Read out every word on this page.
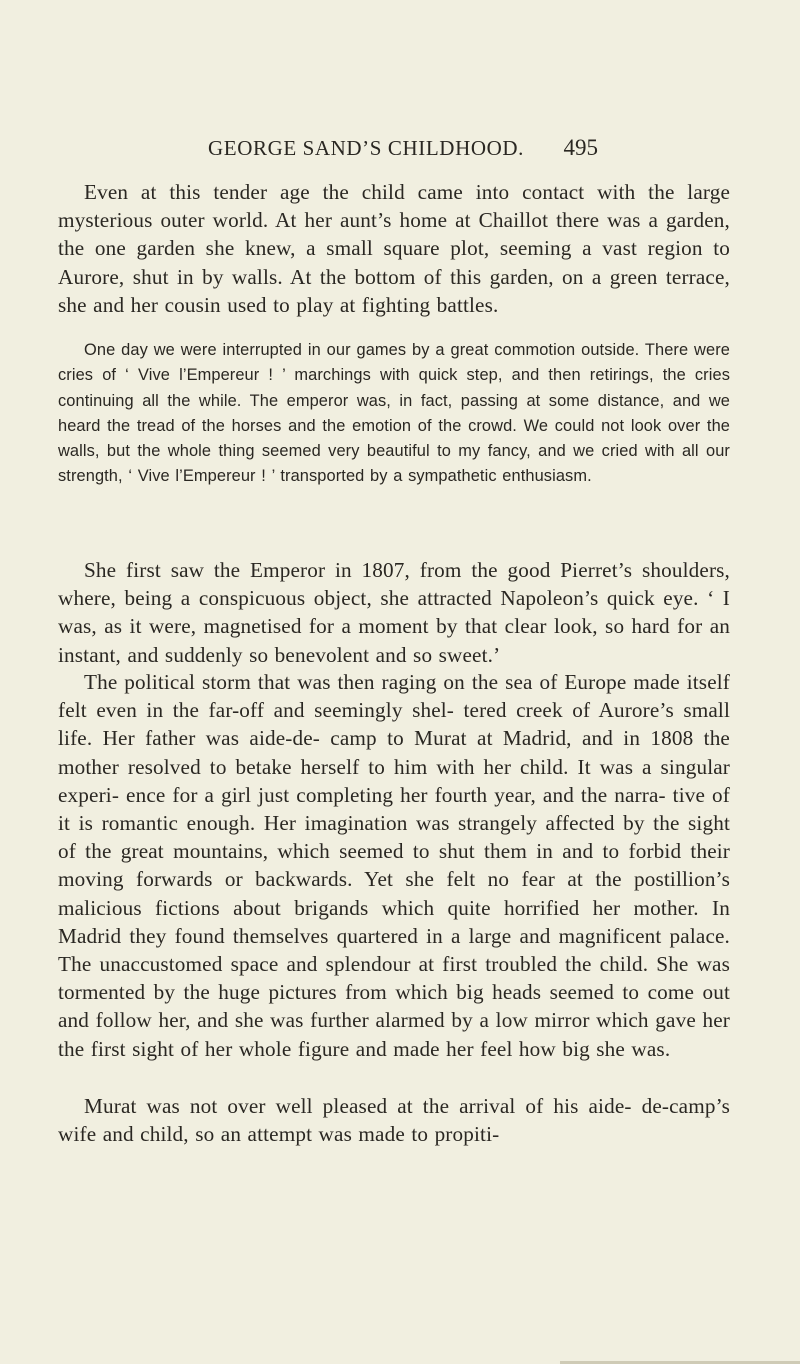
GEORGE SAND’S CHILDHOOD. 495

Even at this tender age the child came into contact with the large mysterious outer world. At her aunt’s home at Chaillot there was a garden, the one garden she knew, a small square plot, seeming a vast region to Aurore, shut in by walls. At the bottom of this garden, on a green terrace, she and her cousin used to play at fighting battles.

One day we were interrupted in our games by a great commotion outside. There were cries of ‘ Vive l’Empereur ! ’ marchings with quick step, and then retirings, the cries continuing all the while. The emperor was, in fact, passing at some distance, and we heard the tread of the horses and the emotion of the crowd. We could not look over the walls, but the whole thing seemed very beautiful to my fancy, and we cried with all our strength, ‘ Vive l’Empereur ! ’ transported by a sympathetic enthusiasm.

She first saw the Emperor in 1807, from the good Pierret’s shoulders, where, being a conspicuous object, she attracted Napoleon’s quick eye. ‘ I was, as it were, magnetised for a moment by that clear look, so hard for an instant, and suddenly so benevolent and so sweet.’

The political storm that was then raging on the sea of Europe made itself felt even in the far-off and seemingly shel- tered creek of Aurore’s small life. Her father was aide-de- camp to Murat at Madrid, and in 1808 the mother resolved to betake herself to him with her child. It was a singular experi- ence for a girl just completing her fourth year, and the narra- tive of it is romantic enough. Her imagination was strangely affected by the sight of the great mountains, which seemed to shut them in and to forbid their moving forwards or backwards. Yet she felt no fear at the postillion’s malicious fictions about brigands which quite horrified her mother. In Madrid they found themselves quartered in a large and magnificent palace. The unaccustomed space and splendour at first troubled the child. She was tormented by the huge pictures from which big heads seemed to come out and follow her, and she was further alarmed by a low mirror which gave her the first sight of her whole figure and made her feel how big she was.

Murat was not over well pleased at the arrival of his aide- de-camp’s wife and child, so an attempt was made to propiti-
